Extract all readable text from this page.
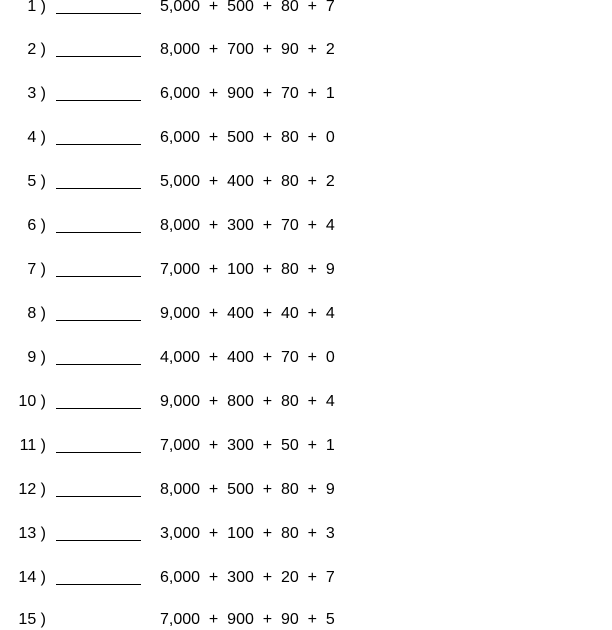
1 )	5,000  +  500  +  80  +  7
2 )	8,000  +  700  +  90  +  2
3 )	6,000  +  900  +  70  +  1
4 )	6,000  +  500  +  80  +  0
5 )	5,000  +  400  +  80  +  2
6 )	8,000  +  300  +  70  +  4
7 )	7,000  +  100  +  80  +  9
8 )	9,000  +  400  +  40  +  4
9 )	4,000  +  400  +  70  +  0
10 )	9,000  +  800  +  80  +  4
11 )	7,000  +  300  +  50  +  1
12 )	8,000  +  500  +  80  +  9
13 )	3,000  +  100  +  80  +  3
14 )	6,000  +  300  +  20  +  7
15 )	7,000  +  900  +  90  +  5
